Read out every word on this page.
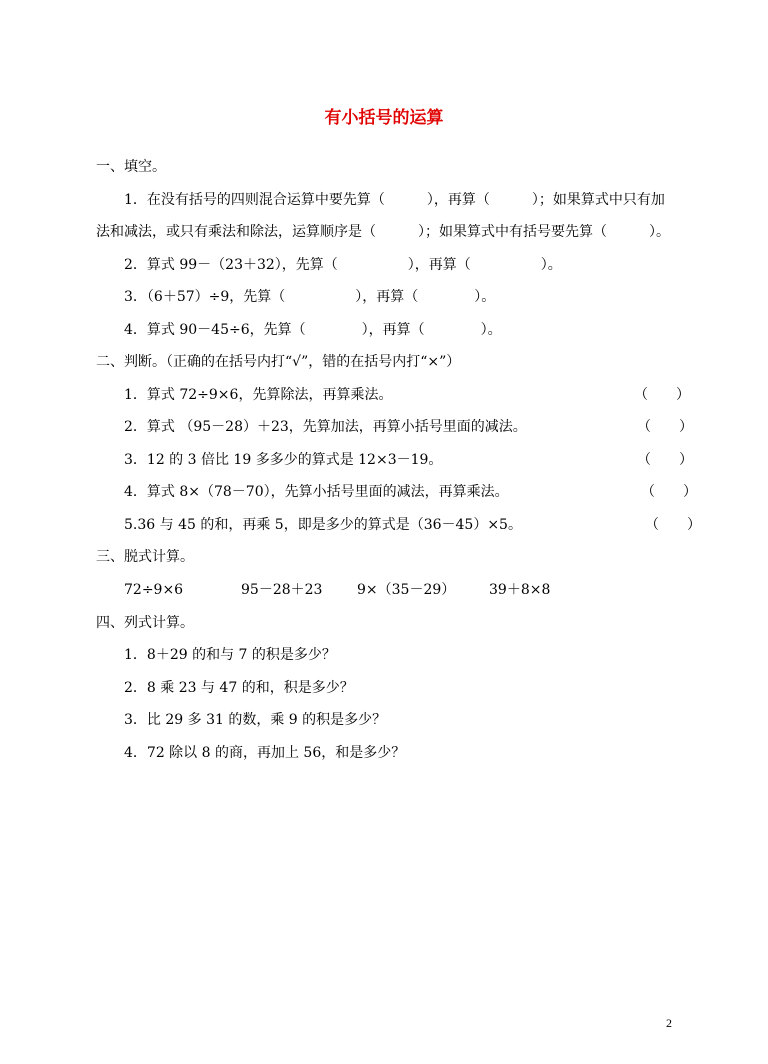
有小括号的运算
一、填空。
1．在没有括号的四则混合运算中要先算（　　　），再算（　　　）；如果算式中只有加
法和减法，或只有乘法和除法，运算顺序是（　　　）；如果算式中有括号要先算（　　　）。
2．算式 99－（23＋32），先算（　　　　　），再算（　　　　　）。
3．（6＋57）÷9，先算（　　　　　），再算（　　　　）。
4．算式 90－45÷6，先算（　　　　），再算（　　　　）。
二、判断。（正确的在括号内打“√”，错的在括号内打“×”）
1．算式 72÷9×6，先算除法，再算乘法。	（　　）
2．算式 （95－28）＋23，先算加法，再算小括号里面的减法。	（　　）
3．12 的 3 倍比 19 多多少的算式是 12×3－19。	（　　）
4．算式 8×（78－70），先算小括号里面的减法，再算乘法。	（　　）
5.36 与 45 的和，再乘 5，即是多少的算式是（36－45）×5。	（　　）
三、脱式计算。
72÷9×6	95－28＋23 9×（35－29） 39＋8×8
四、列式计算。
1．8＋29 的和与 7 的积是多少？
2．8 乘 23 与 47 的和，积是多少？
3．比 29 多 31 的数，乘 9 的积是多少？
4．72 除以 8 的商，再加上 56，和是多少？
2
